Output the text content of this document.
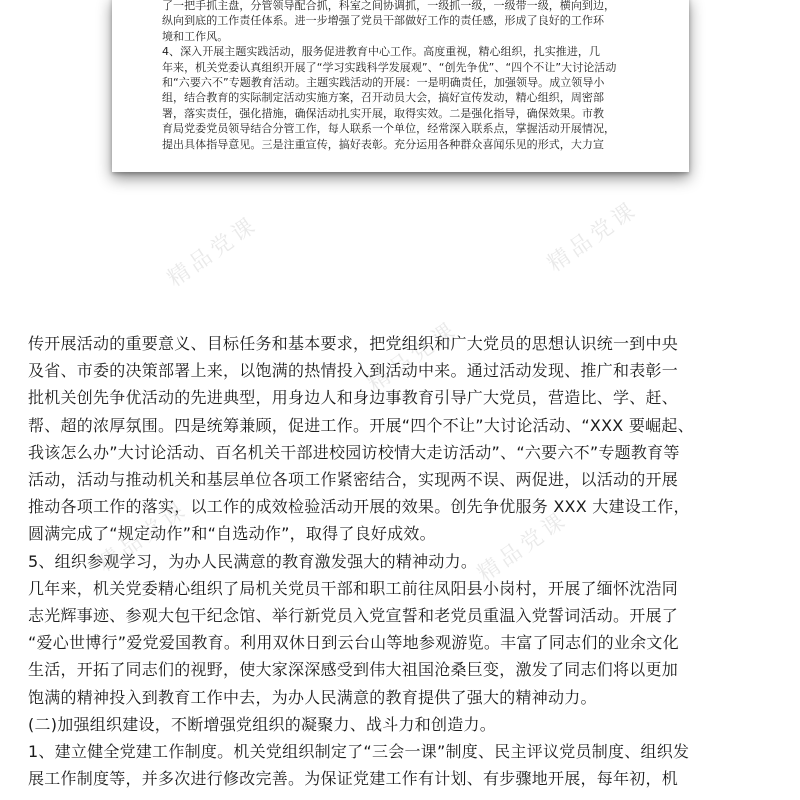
了一把手抓主盘，分管领导配合抓，科室之间协调抓，一级抓一级，一级带一级，横向到边，

纵向到底的工作责任体系。进一步增强了党员干部做好工作的责任感，形成了良好的工作环

境和工作风。

4、深入开展主题实践活动，服务促进教育中心工作。高度重视，精心组织，扎实推进，几

年来，机关党委认真组织开展了“学习实践科学发展观”、“创先争优”、“四个不让”大讨论活动

和“六要六不”专题教育活动。主题实践活动的开展：一是明确责任，加强领导。成立领导小

组，结合教育的实际制定活动实施方案，召开动员大会，搞好宣传发动，精心组织，周密部

署，落实责任，强化措施，确保活动扎实开展，取得实效。二是强化指导，确保效果。市教

育局党委党员领导结合分管工作，每人联系一个单位，经常深入联系点，掌握活动开展情况，

提出具体指导意见。三是注重宣传，搞好表彰。充分运用各种群众喜闻乐见的形式，大力宣

传开展活动的重要意义、目标任务和基本要求，把党组织和广大党员的思想认识统一到中央

及省、市委的决策部署上来，以饱满的热情投入到活动中来。通过活动发现、推广和表彰一

批机关创先争优活动的先进典型，用身边人和身边事教育引导广大党员，营造比、学、赶、

帮、超的浓厚氛围。四是统筹兼顾，促进工作。开展“四个不让”大讨论活动、“XXX 要崛起、

我该怎么办”大讨论活动、百名机关干部进校园访校情大走访活动”、“六要六不”专题教育等

活动，活动与推动机关和基层单位各项工作紧密结合，实现两不误、两促进，以活动的开展

推动各项工作的落实，以工作的成效检验活动开展的效果。创先争优服务 XXX 大建设工作，

圆满完成了“规定动作”和“自选动作”，取得了良好成效。

5、组织参观学习，为办人民满意的教育激发强大的精神动力。

几年来，机关党委精心组织了局机关党员干部和职工前往凤阳县小岗村，开展了缅怀沈浩同

志光辉事迹、参观大包干纪念馆、举行新党员入党宣誓和老党员重温入党誓词活动。开展了

“爱心世博行”爱党爱国教育。利用双休日到云台山等地参观游览。丰富了同志们的业余文化

生活，开拓了同志们的视野，使大家深深感受到伟大祖国沧桑巨变，激发了同志们将以更加

饱满的精神投入到教育工作中去，为办人民满意的教育提供了强大的精神动力。

(二)加强组织建设，不断增强党组织的凝聚力、战斗力和创造力。

1、建立健全党建工作制度。机关党组织制定了“三会一课”制度、民主评议党员制度、组织发

展工作制度等，并多次进行修改完善。为保证党建工作有计划、有步骤地开展，每年初，机

精品党课	精品党课
精品党课
精品党课	精品党课
